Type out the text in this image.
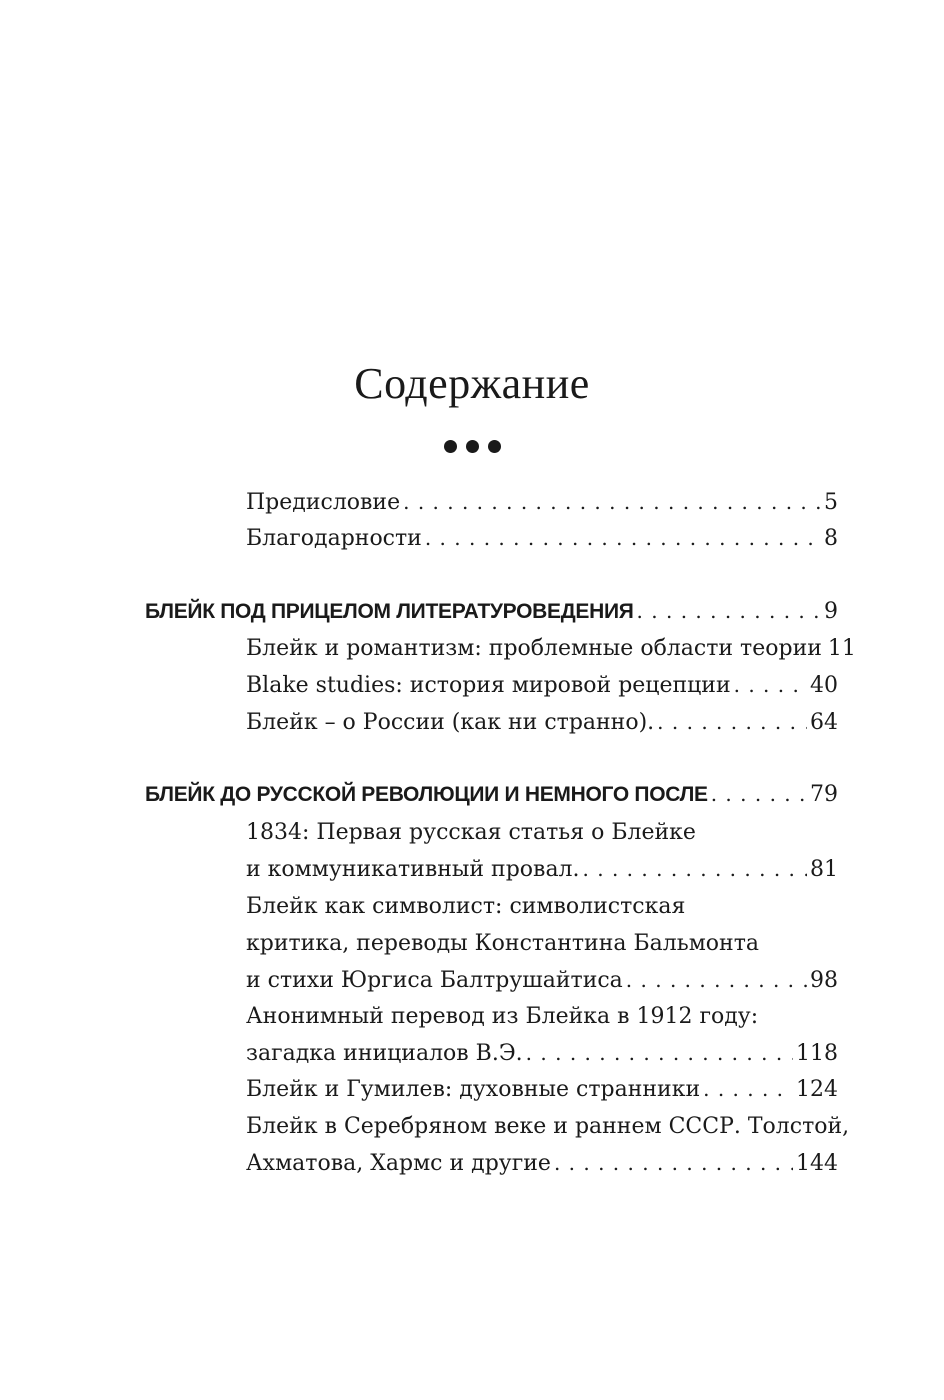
Содержание
Предисловие . . .	5
Благодарности . . .	8
БЛЕЙК ПОД ПРИЦЕЛОМ ЛИТЕРАТУРОВЕДЕНИЯ . . .	9
Блейк и романтизм: проблемные области теории 11
Blake studies: история мировой рецепции . . .	40
Блейк – о России (как ни странно). . . .	64
БЛЕЙК ДО РУССКОЙ РЕВОЛЮЦИИ И НЕМНОГО ПОСЛЕ . . .	79
1834: Первая русская статья о Блейке
и коммуникативный провал. . . .	81
Блейк как символист: символистская
критика, переводы Константина Бальмонта
и стихи Юргиса Балтрушайтиса . . .	98
Анонимный перевод из Блейка в 1912 году:
загадка инициалов В.Э. . . .	118
Блейк и Гумилев: духовные странники . . .	124
Блейк в Серебряном веке и раннем СССР. Толстой,
Ахматова, Хармс и другие . . .	144
